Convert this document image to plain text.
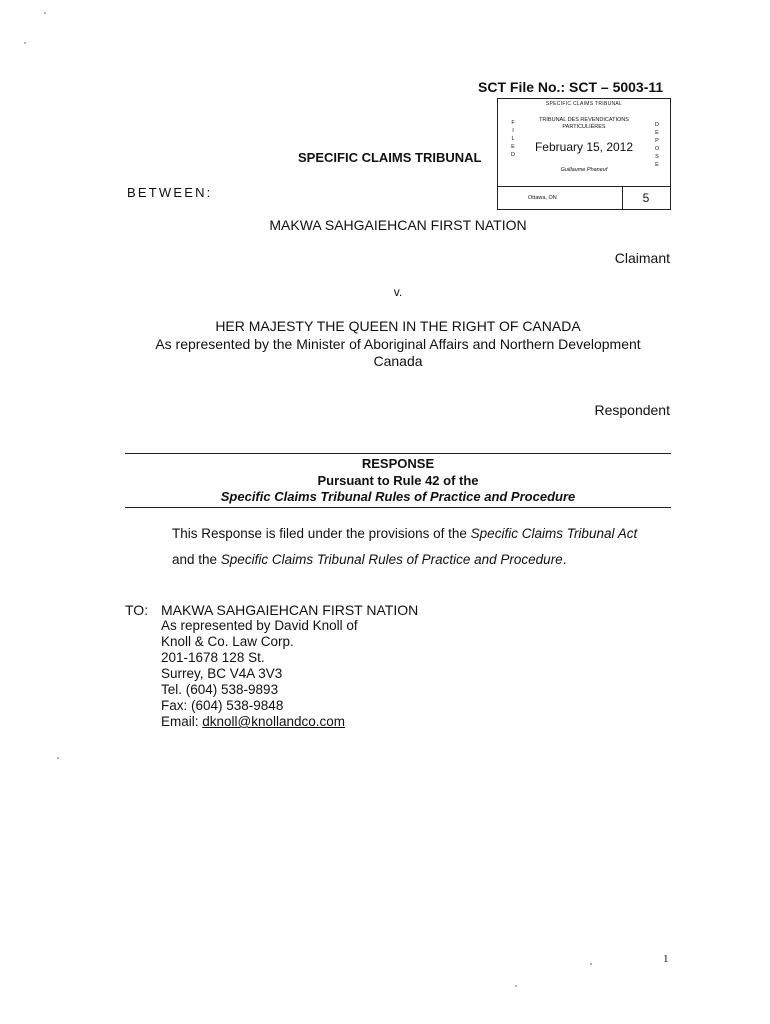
SCT File No.: SCT – 5003-11
SPECIFIC CLAIMS TRIBUNAL
TRIBUNAL DES REVENDICATIONS
PARTICULIÈRES
F
I
L
E
D
D
É
P
O
S
É
February 15, 2012
Guillaume Phaneuf
Ottawa, ON	5
SPECIFIC CLAIMS TRIBUNAL
BETWEEN:
MAKWA SAHGAIEHCAN FIRST NATION
Claimant
v.
HER MAJESTY THE QUEEN IN THE RIGHT OF CANADA
As represented by the Minister of Aboriginal Affairs and Northern Development
Canada
Respondent
RESPONSE
Pursuant to Rule 42 of the
Specific Claims Tribunal Rules of Practice and Procedure
This Response is filed under the provisions of the Specific Claims Tribunal Act
and the Specific Claims Tribunal Rules of Practice and Procedure.
TO: MAKWA SAHGAIEHCAN FIRST NATION
As represented by David Knoll of
Knoll & Co. Law Corp.
201-1678 128 St.
Surrey, BC V4A 3V3
Tel. (604) 538-9893
Fax: (604) 538-9848
Email: dknoll@knollandco.com
1
